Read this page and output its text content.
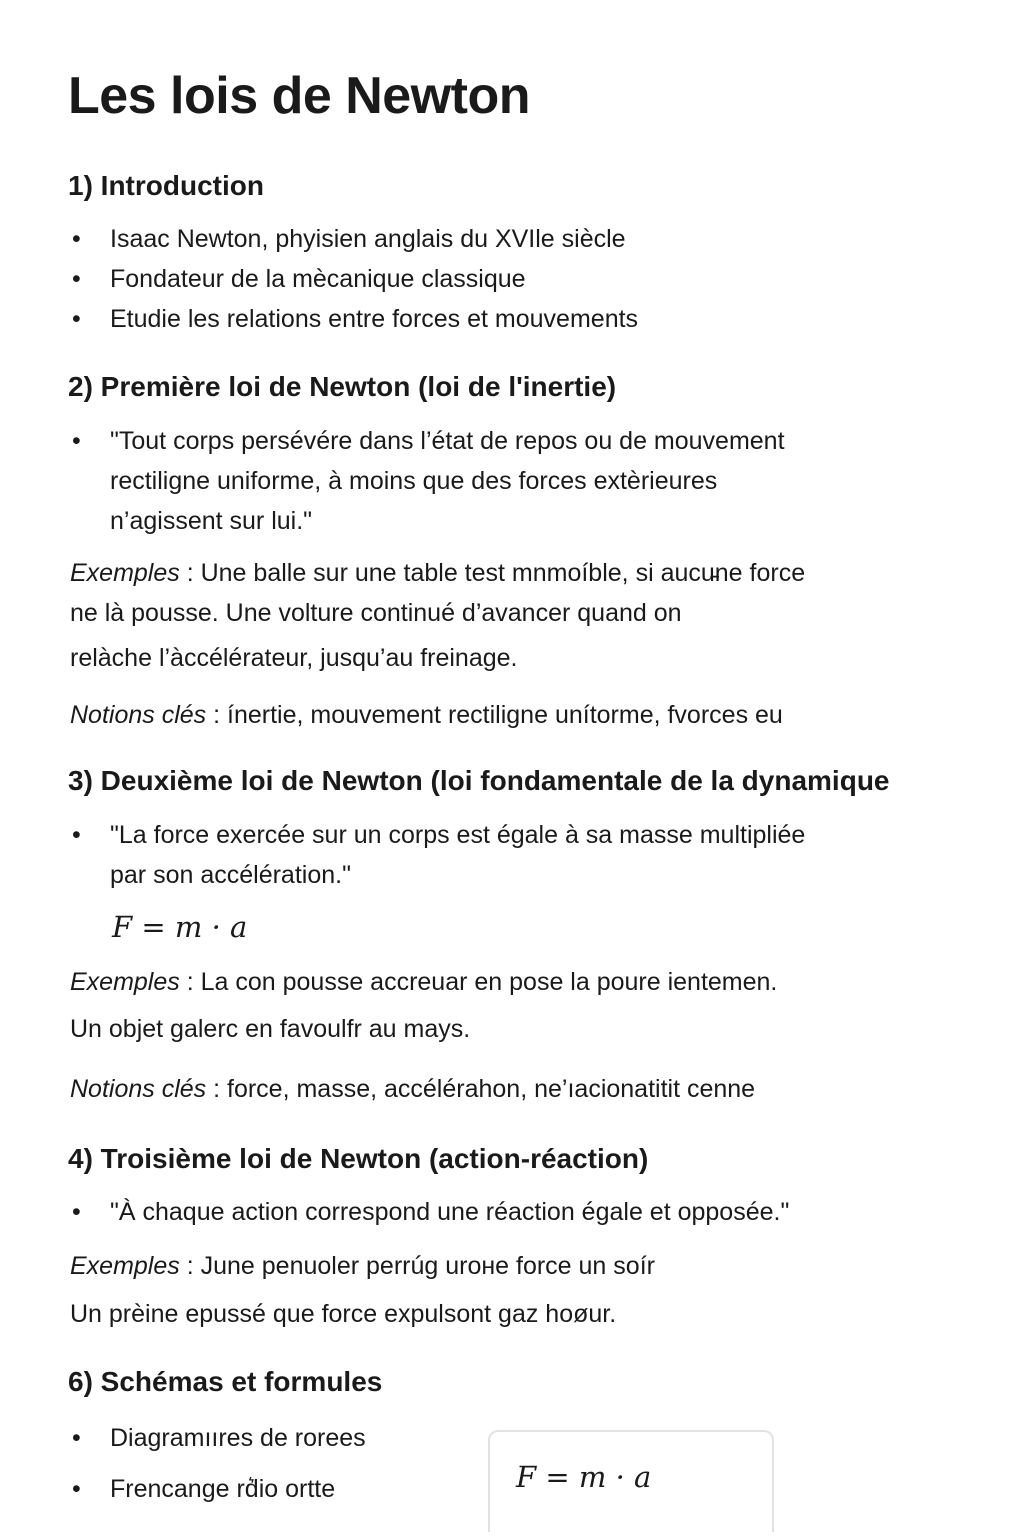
Les lois de Newton
1) Introduction
• Isaac Newton, phyisien anglais du XVIle siècle
• Fondateur de la mècanique classique
• Etudie les relations entre forces et mouvements
2) Première loi de Newton (loi de l'inertie)
• "Tout corps persévére dans l’état de repos ou de mouvement
rectiligne uniforme, à moins que des forces extèrieures
n’agissent sur lui."
Exemples : Une balle sur une table test mnmoíble, si aucu̵ne force
ne là pousse. Une volture continué d’avancer quand on
relàche l’àccélérateur, jusqu’au freinage.
Notions clés : ínertie, mouvement rectiligne unítorme, fvorces eu
3) Deuxième loi de Newton (loi fondamentale de la dynamique
• "La force exercée sur un corps est égale à sa masse multipliée
par son accélération."
F = m · a
Exemples : La con pousse accreuar en pose la poure ientemen.
Un objet galerc en favoulfr au mays.
Notions clés : force, masse, accélérahon, ne’ıacionatitit cenne
4) Troisième loi de Newton (action-réaction)
• "À chaque action correspond une réaction égale et opposée."
Exemples : June penuoler perrúg uroне force un soír
Un prèine epussé que force expulsont gaz hoøur.
6) Schémas et formules
• Diagramııres de rorees
• Frencange rd͛io ortte	F = m · a
